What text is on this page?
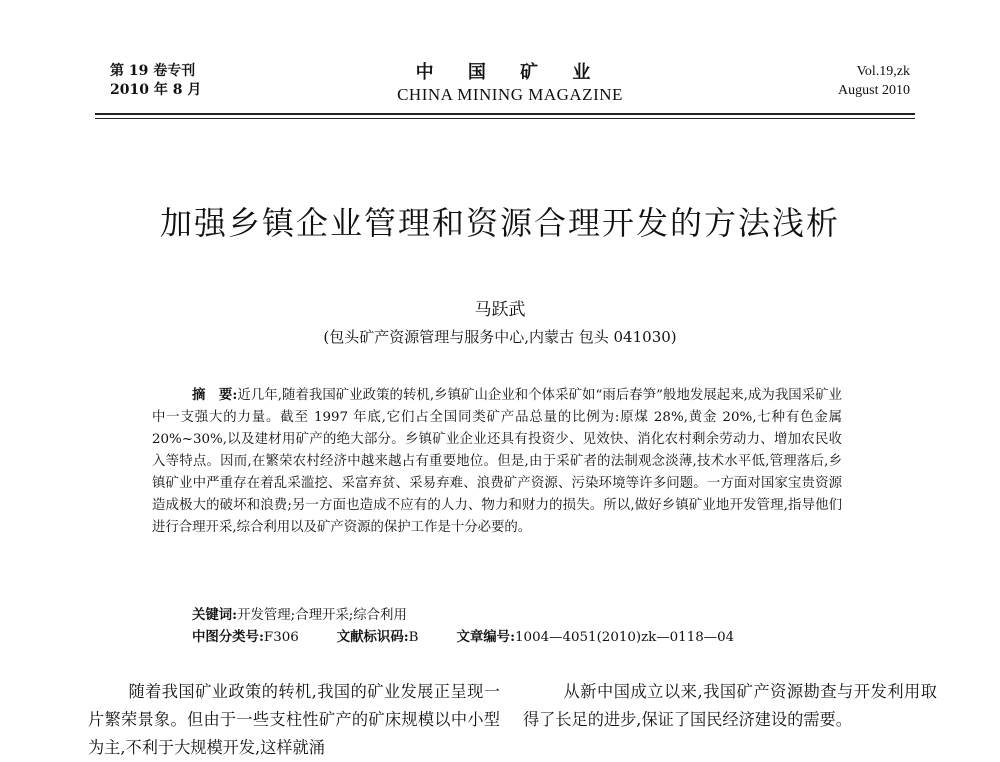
第 19 卷专刊
2010 年 8 月
中 国 矿 业
CHINA MINING MAGAZINE
Vol.19,zk
August 2010
加强乡镇企业管理和资源合理开发的方法浅析
马跃武
(包头矿产资源管理与服务中心,内蒙古 包头 041030)
摘　要:近几年,随着我国矿业政策的转机,乡镇矿山企业和个体采矿如“雨后春笋”般地发展起来,成为我国采矿业中一支强大的力量。截至 1997 年底,它们占全国同类矿产品总量的比例为:原煤 28%,黄金 20%,七种有色金属 20%~30%,以及建材用矿产的绝大部分。乡镇矿业企业还具有投资少、见效快、消化农村剩余劳动力、增加农民收入等特点。因而,在繁荣农村经济中越来越占有重要地位。但是,由于采矿者的法制观念淡薄,技术水平低,管理落后,乡镇矿业中严重存在着乱采滥挖、采富弃贫、采易弃难、浪费矿产资源、污染环境等许多问题。一方面对国家宝贵资源造成极大的破坏和浪费;另一方面也造成不应有的人力、物力和财力的损失。所以,做好乡镇矿业地开发管理,指导他们进行合理开采,综合利用以及矿产资源的保护工作是十分必要的。
关键词:开发管理;合理开采;综合利用
中图分类号:F306	文献标识码:B	文章编号:1004—4051(2010)zk—0118—04
随着我国矿业政策的转机,我国的矿业发展正呈现一片繁荣景象。但由于一些支柱性矿产的矿床规模以中小型为主,不利于大规模开发,这样就涌
从新中国成立以来,我国矿产资源勘查与开发利用取得了长足的进步,保证了国民经济建设的需要。
